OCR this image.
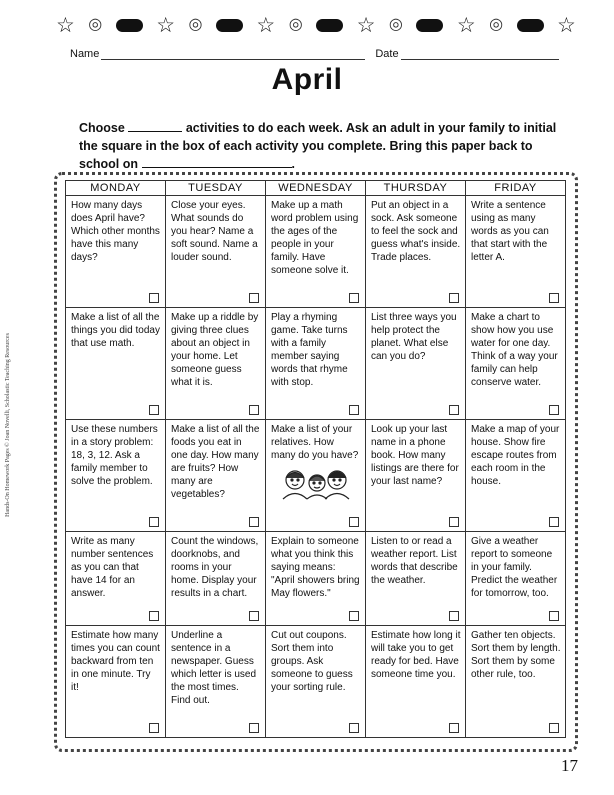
☆ ◎	☆ ◎	☆ ◎	☆ ◎	☆ ◎	☆
Name	Date
April
Choose	activities to do each week. Ask an adult in your family to initial the square in the box of each activity you complete. Bring this paper back to school on	.
Hands-On Homework Pages © Joan Novelli, Scholastic Teaching Resources
MONDAY	TUESDAY	WEDNESDAY	THURSDAY	FRIDAY
How many days does April have? Which other months have this many days?	Close your eyes. What sounds do you hear? Name a soft sound. Name a louder sound.	Make up a math word problem using the ages of the people in your family. Have someone solve it.	Put an object in a sock. Ask someone to feel the sock and guess what's inside. Trade places.	Write a sentence using as many words as you can that start with the letter A.

Make a list of all the things you did today that use math.	Make up a riddle by giving three clues about an object in your home. Let someone guess what it is.	Play a rhyming game. Take turns with a family member saying words that rhyme with stop.	List three ways you help protect the planet. What else can you do?	Make a chart to show how you use water for one day. Think of a way your family can help conserve water.

Use these numbers in a story problem: 18, 3, 12. Ask a family member to solve the problem.	Make a list of all the foods you eat in one day. How many are fruits? How many are vegetables?	Make a list of your relatives. How many do you have?	Look up your last name in a phone book. How many listings are there for your last name?	Make a map of your house. Show fire escape routes from each room in the house.

Write as many number sentences as you can that have 14 for an answer.	Count the windows, doorknobs, and rooms in your home. Display your results in a chart.	Explain to someone what you think this saying means: "April showers bring May flowers."	Listen to or read a weather report. List words that describe the weather.	Give a weather report to someone in your family. Predict the weather for tomorrow, too.

Estimate how many times you can count backward from ten in one minute. Try it!	Underline a sentence in a newspaper. Guess which letter is used the most times. Find out.	Cut out coupons. Sort them into groups. Ask someone to guess your sorting rule.	Estimate how long it will take you to get ready for bed. Have someone time you.	Gather ten objects. Sort them by length. Sort them by some other rule, too.
17
